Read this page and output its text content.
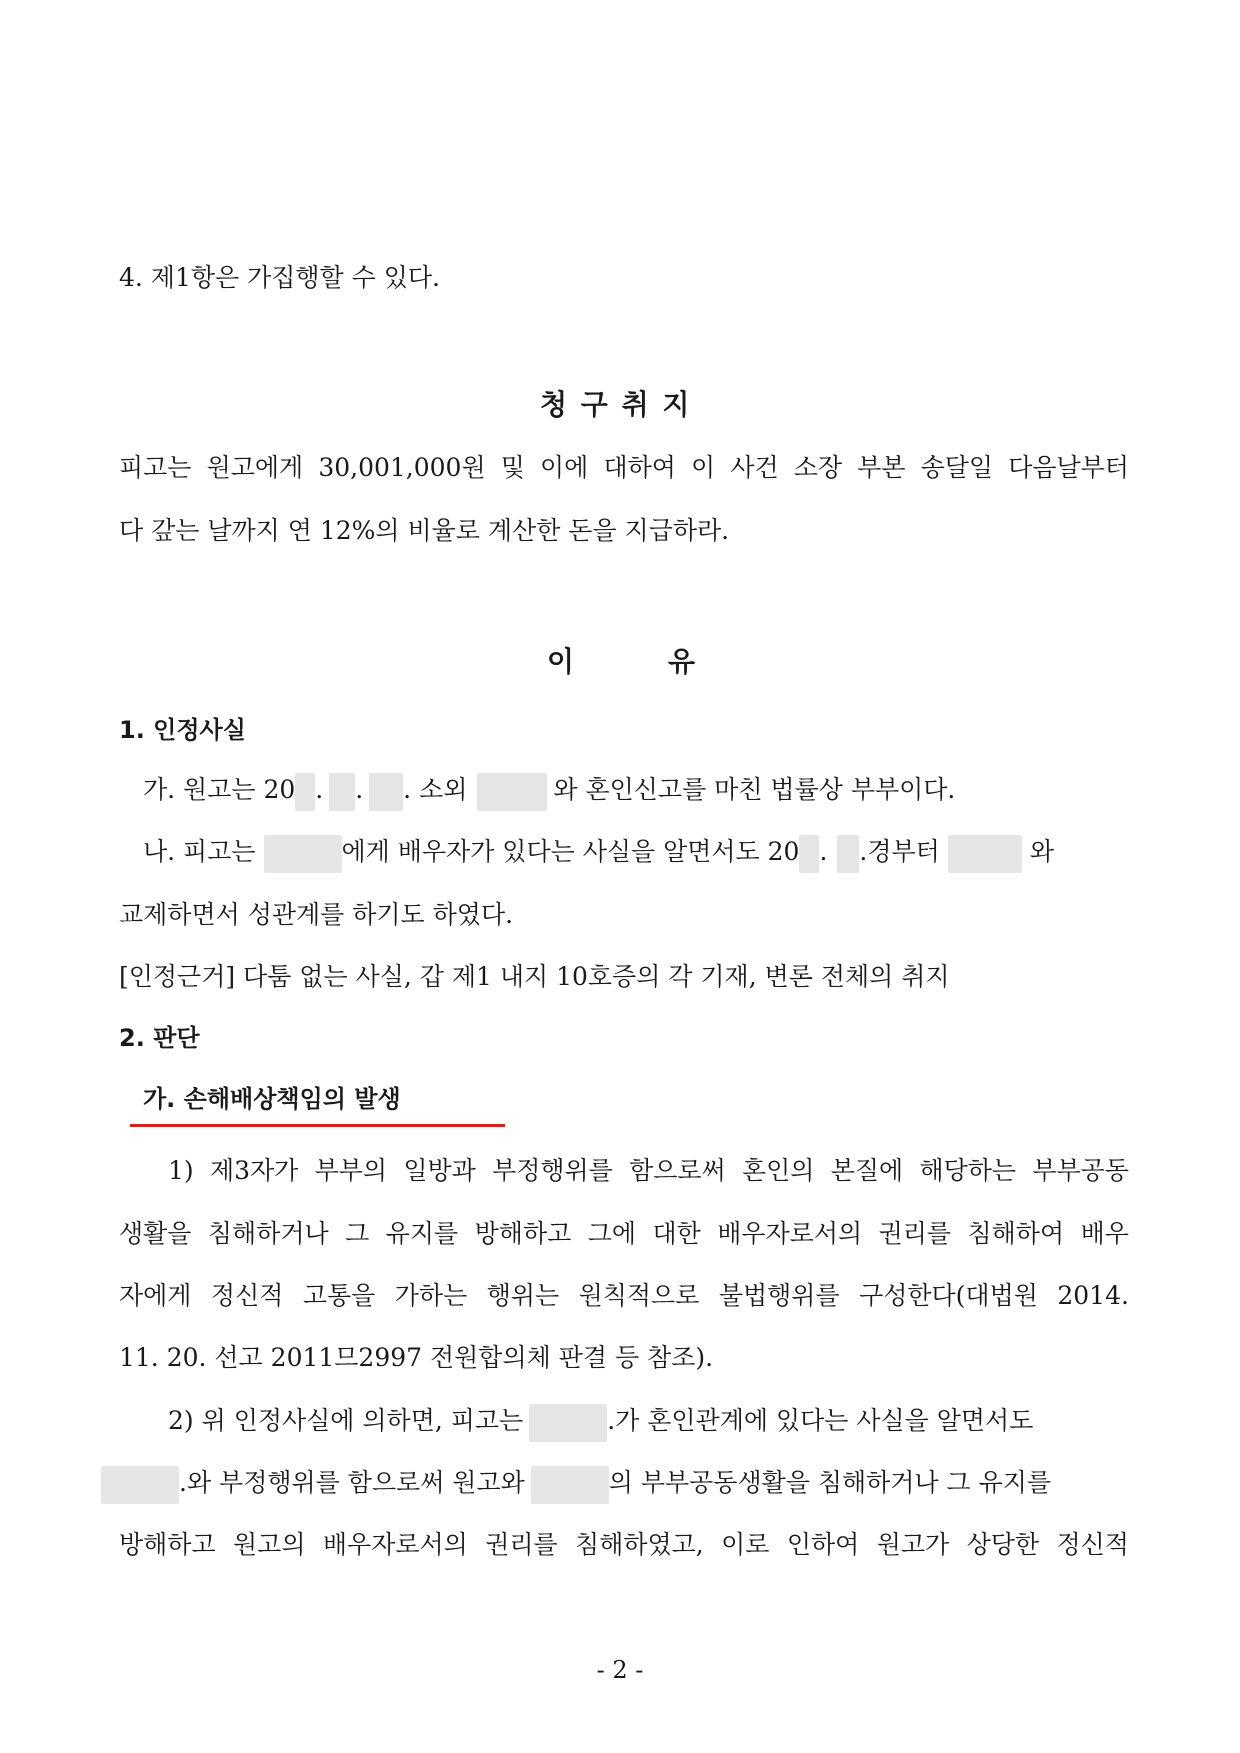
4. 제1항은 가집행할 수 있다.
청 구 취 지
피고는 원고에게 30,001,000원 및 이에 대하여 이 사건 소장 부본 송달일 다음날부터
다 갚는 날까지 연 12%의 비율로 계산한 돈을 지급하라.
이	유
1. 인정사실
가. 원고는 20 . . . 소외	와 혼인신고를 마친 법률상 부부이다.
나. 피고는	에게 배우자가 있다는 사실을 알면서도 20 . .경부터	와
교제하면서 성관계를 하기도 하였다.
[인정근거] 다툼 없는 사실, 갑 제1 내지 10호증의 각 기재, 변론 전체의 취지
2. 판단
가. 손해배상책임의 발생
1) 제3자가 부부의 일방과 부정행위를 함으로써 혼인의 본질에 해당하는 부부공동
생활을 침해하거나 그 유지를 방해하고 그에 대한 배우자로서의 권리를 침해하여 배우
자에게 정신적 고통을 가하는 행위는 원칙적으로 불법행위를 구성한다(대법원 2014.
11. 20. 선고 2011므2997 전원합의체 판결 등 참조).
2) 위 인정사실에 의하면, 피고는	.가 혼인관계에 있다는 사실을 알면서도
.와 부정행위를 함으로써 원고와	의 부부공동생활을 침해하거나 그 유지를
방해하고 원고의 배우자로서의 권리를 침해하였고, 이로 인하여 원고가 상당한 정신적
- 2 -
